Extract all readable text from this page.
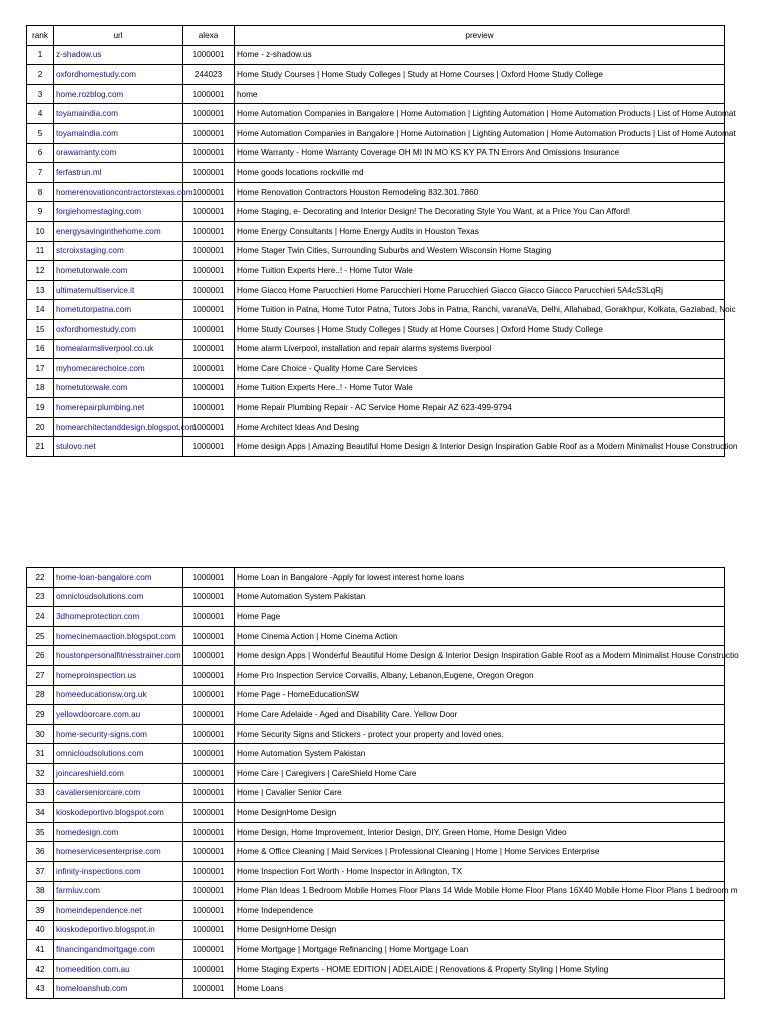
rank	url	alexa	preview
1	z-shadow.us	1000001	Home - z-shadow.us
2	oxfordhomestudy.com	244023	Home Study Courses | Home Study Colleges | Study at Home Courses | Oxford Home Study College
3	home.rozblog.com	1000001	home
4	toyamaindia.com	1000001	Home Automation Companies in Bangalore | Home Automation | Lighting Automation | Home Automation Products | List of Home Automat
5	toyamaindia.com	1000001	Home Automation Companies in Bangalore | Home Automation | Lighting Automation | Home Automation Products | List of Home Automat
6	orawarranty.com	1000001	Home Warranty - Home Warranty Coverage OH MI IN MO KS KY PA TN Errors And Omissions Insurance
7	ferfastrun.ml	1000001	Home goods locations rockville md
8	homerenovationcontractorstexas.com	1000001	Home Renovation Contractors Houston Remodeling 832.301.7860
9	forgiehomestaging.com	1000001	Home Staging, e- Decorating and Interior Design! The Decorating Style You Want, at a Price You Can Afford!
10	energysavinginthehome.com	1000001	Home Energy Consultants | Home Energy Audits in Houston Texas
11	stcroixstaging.com	1000001	Home Stager Twin Cities, Surrounding Suburbs and Western Wisconsin Home Staging
12	hometutorwale.com	1000001	Home Tuition Experts Here..! - Home Tutor Wale
13	ultimatemultiservice.it	1000001	Home Giacco Home Parucchieri Home Parucchieri Home Parucchieri Giacco Giacco Giacco Parucchieri 5A4cS3LqRj
14	hometutorpatna.com	1000001	Home Tuition in Patna, Home Tutor Patna, Tutors Jobs in Patna, Ranchi, varanaVa, Delhi, Allahabad, Gorakhpur, Kolkata, Gaziabad, Noic
15	oxfordhomestudy.com	1000001	Home Study Courses | Home Study Colleges | Study at Home Courses | Oxford Home Study College
16	homealarmsliverpool.co.uk	1000001	Home alarm Liverpool, installation and repair alarms systems liverpool
17	myhomecarechoice.com	1000001	Home Care Choice - Quality Home Care Services
18	hometutorwale.com	1000001	Home Tuition Experts Here..! - Home Tutor Wale
19	homerepairplumbing.net	1000001	Home Repair Plumbing Repair - AC Service Home Repair AZ 623-499-9794
20	homearchitectanddesign.blogspot.com	1000001	Home Architect Ideas And Desing
21	stulovo.net	1000001	Home design Apps | Amazing Beautiful Home Design & Interior Design Inspiration Gable Roof as a Modern Minimalist House Construction
22	home-loan-bangalore.com	1000001	Home Loan in Bangalore -Apply for lowest interest home loans
23	omnicloudsolutions.com	1000001	Home Automation System Pakistan
24	3dhomeprotection.com	1000001	Home Page
25	homecinemaaction.blogspot.com	1000001	Home Cinema Action | Home Cinema Action
26	houstonpersonalfitnesstrainer.com	1000001	Home design Apps | Wonderful Beautiful Home Design & Interior Design Inspiration Gable Roof as a Modern Minimalist House Constructio
27	homeproinspection.us	1000001	Home Pro Inspection Service Corvallis, Albany, Lebanon,Eugene, Oregon Oregon
28	homeeducationsw.org.uk	1000001	Home Page - HomeEducationSW
29	yellowdoorcare.com.au	1000001	Home Care Adelaide - Aged and Disability Care. Yellow Door
30	home-security-signs.com	1000001	Home Security Signs and Stickers - protect your property and loved ones.
31	omnicloudsolutions.com	1000001	Home Automation System Pakistan
32	joincareshield.com	1000001	Home Care | Caregivers | CareShield Home Care
33	cavalierseniorcare.com	1000001	Home | Cavalier Senior Care
34	kioskodeportivo.blogspot.com	1000001	Home DesignHome Design
35	homedesign.com	1000001	Home Design, Home Improvement, Interior Design, DIY, Green Home, Home Design Video
36	homeservicesenterprise.com	1000001	Home & Office Cleaning | Maid Services | Professional Cleaning | Home | Home Services Enterprise
37	infinity-inspections.com	1000001	Home Inspection Fort Worth - Home Inspector in Arlington, TX
38	farmluv.com	1000001	Home Plan Ideas 1 Bedroom Mobile Homes Floor Plans 14 Wide Mobile Home Floor Plans 16X40 Mobile Home Floor Plans 1 bedroom m
39	homeindependence.net	1000001	Home Independence
40	kioskodeportivo.blogspot.in	1000001	Home DesignHome Design
41	financingandmortgage.com	1000001	Home Mortgage | Mortgage Refinancing | Home Mortgage Loan
42	homeedition.com.au	1000001	Home Staging Experts - HOME EDITION | ADELAIDE | Renovations & Property Styling | Home Styling
43	homeloanshub.com	1000001	Home Loans
